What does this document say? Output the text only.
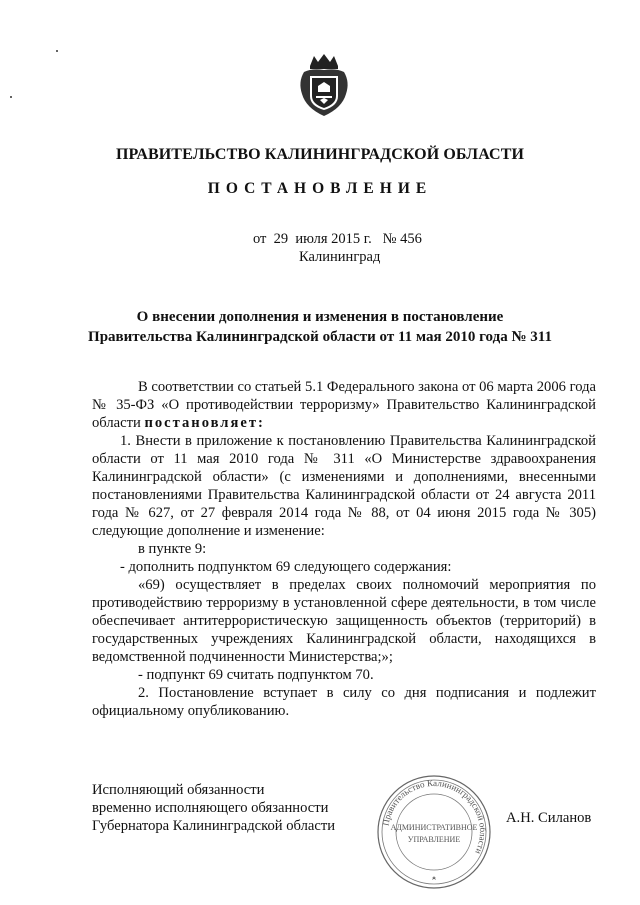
ПРАВИТЕЛЬСТВО КАЛИНИНГРАДСКОЙ ОБЛАСТИ
ПОСТАНОВЛЕНИЕ
от 29 июля 2015 г. № 456
Калининград
О внесении дополнения и изменения в постановление
Правительства Калининградской области от 11 мая 2010 года № 311

В соответствии со статьей 5.1 Федерального закона от 06 марта 2006 года № 35-ФЗ «О противодействии терроризму» Правительство Калининградской области постановляет:

1. Внести в приложение к постановлению Правительства Калининградской области от 11 мая 2010 года № 311 «О Министерстве здравоохранения Калининградской области» (с изменениями и дополнениями, внесенными постановлениями Правительства Калининградской области от 24 августа 2011 года № 627, от 27 февраля 2014 года № 88, от 04 июня 2015 года № 305) следующие дополнение и изменение:

в пункте 9:

- дополнить подпунктом 69 следующего содержания:

«69) осуществляет в пределах своих полномочий мероприятия по противодействию терроризму в установленной сфере деятельности, в том числе обеспечивает антитеррористическую защищенность объектов (территорий) в государственных учреждениях Калининградской области, находящихся в ведомственной подчиненности Министерства;»;

- подпункт 69 считать подпунктом 70.

2. Постановление вступает в силу со дня подписания и подлежит официальному опубликованию.

Исполняющий обязанности
временно исполняющего обязанности
Губернатора Калининградской области	Правительство Калининградской области
АДМИНИСТРАТИВНОЕ
УПРАВЛЕНИЕ
А.Н. Силанов
